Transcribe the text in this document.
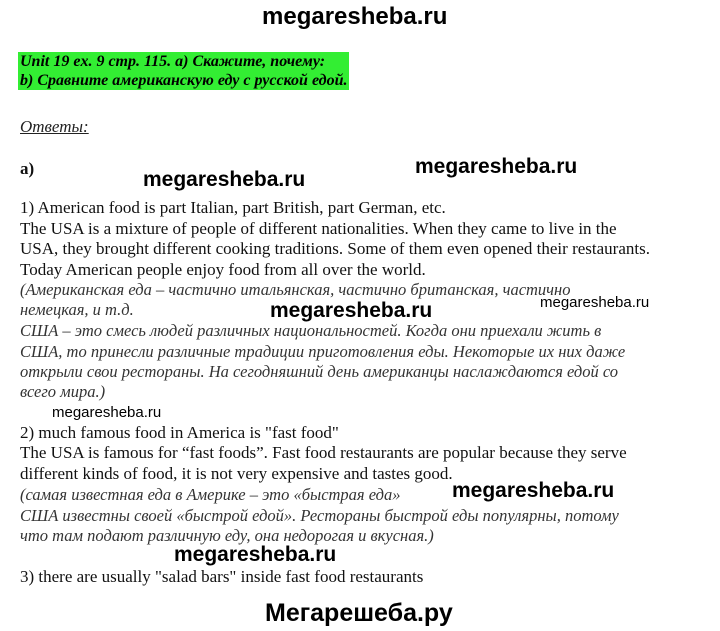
megaresheba.ru
Unit 19 ex. 9 стр. 115. a) Скажите, почему:
b) Сравните американскую еду с русской едой.
Ответы:
a)	megaresheba.ru
megaresheba.ru
1) American food is part Italian, part British, part German, etc.
The USA is a mixture of people of different nationalities. When they came to live in the
USA, they brought different cooking traditions. Some of them even opened their restaurants.
Today American people enjoy food from all over the world.
(Американская еда – частично итальянская, частично британская, частично
немецкая, и т.д.	megaresheba.ru	megaresheba.ru
США – это смесь людей различных национальностей. Когда они приехали жить в
США, то принесли различные традиции приготовления еды. Некоторые их них даже
открыли свои рестораны. На сегодняшний день американцы наслаждаются едой со
всего мира.)
megaresheba.ru
2) much famous food in America is "fast food"
The USA is famous for “fast foods”. Fast food restaurants are popular because they serve
different kinds of food, it is not very expensive and tastes good.
(самая известная еда в Америке – это «быстрая еда» megaresheba.ru
США известны своей «быстрой едой». Рестораны быстрой еды популярны, потому
что там подают различную еду, она недорогая и вкусная.)
megaresheba.ru
3) there are usually "salad bars" inside fast food restaurants
Мегарешеба.ру
